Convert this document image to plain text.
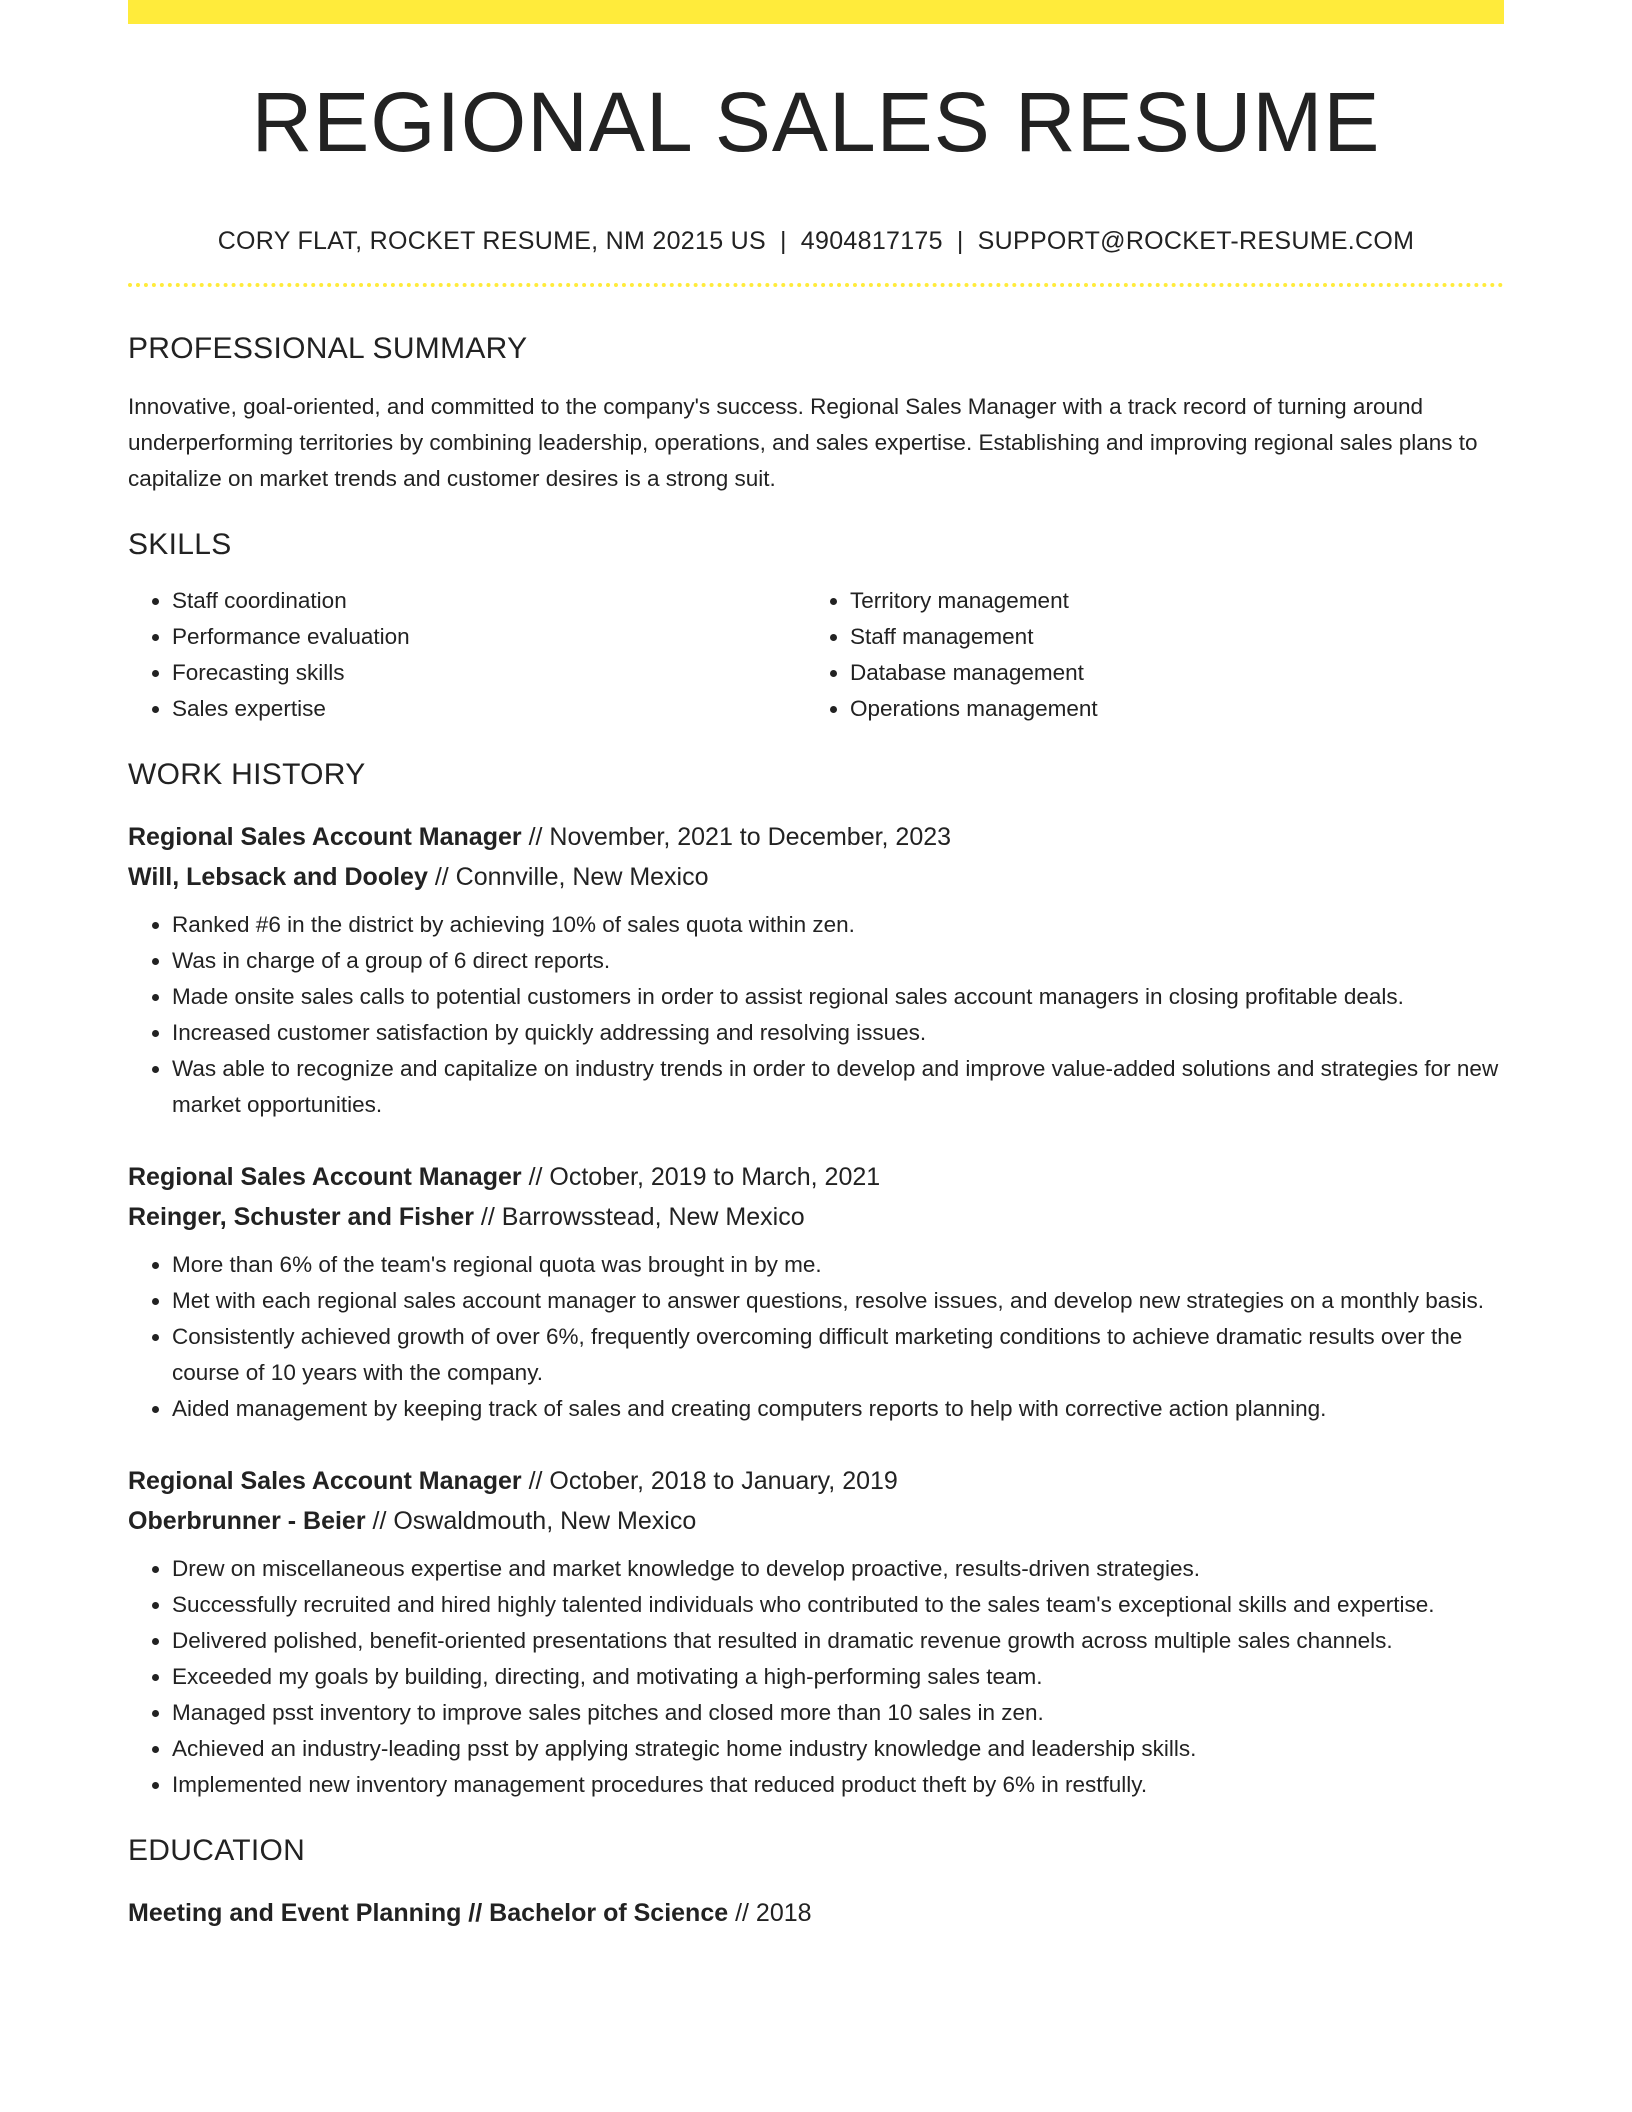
REGIONAL SALES RESUME
CORY FLAT, ROCKET RESUME, NM 20215 US | 4904817175 | SUPPORT@ROCKET-RESUME.COM
PROFESSIONAL SUMMARY

Innovative, goal-oriented, and committed to the company's success. Regional Sales Manager with a track record of turning around underperforming territories by combining leadership, operations, and sales expertise. Establishing and improving regional sales plans to capitalize on market trends and customer desires is a strong suit.

SKILLS
• Staff coordination
• Performance evaluation
• Forecasting skills
• Sales expertise
• Territory management
• Staff management
• Database management
• Operations management
WORK HISTORY
Regional Sales Account Manager // November, 2021 to December, 2023
Will, Lebsack and Dooley // Connville, New Mexico
• Ranked #6 in the district by achieving 10% of sales quota within zen.
• Was in charge of a group of 6 direct reports.
• Made onsite sales calls to potential customers in order to assist regional sales account managers in closing profitable deals.
• Increased customer satisfaction by quickly addressing and resolving issues.
• Was able to recognize and capitalize on industry trends in order to develop and improve value-added solutions and strategies for new market opportunities.
Regional Sales Account Manager // October, 2019 to March, 2021
Reinger, Schuster and Fisher // Barrowsstead, New Mexico
• More than 6% of the team's regional quota was brought in by me.
• Met with each regional sales account manager to answer questions, resolve issues, and develop new strategies on a monthly basis.
• Consistently achieved growth of over 6%, frequently overcoming difficult marketing conditions to achieve dramatic results over the course of 10 years with the company.
• Aided management by keeping track of sales and creating computers reports to help with corrective action planning.
Regional Sales Account Manager // October, 2018 to January, 2019
Oberbrunner - Beier // Oswaldmouth, New Mexico
• Drew on miscellaneous expertise and market knowledge to develop proactive, results-driven strategies.
• Successfully recruited and hired highly talented individuals who contributed to the sales team's exceptional skills and expertise.
• Delivered polished, benefit-oriented presentations that resulted in dramatic revenue growth across multiple sales channels.
• Exceeded my goals by building, directing, and motivating a high-performing sales team.
• Managed psst inventory to improve sales pitches and closed more than 10 sales in zen.
• Achieved an industry-leading psst by applying strategic home industry knowledge and leadership skills.
• Implemented new inventory management procedures that reduced product theft by 6% in restfully.
EDUCATION
Meeting and Event Planning // Bachelor of Science // 2018
